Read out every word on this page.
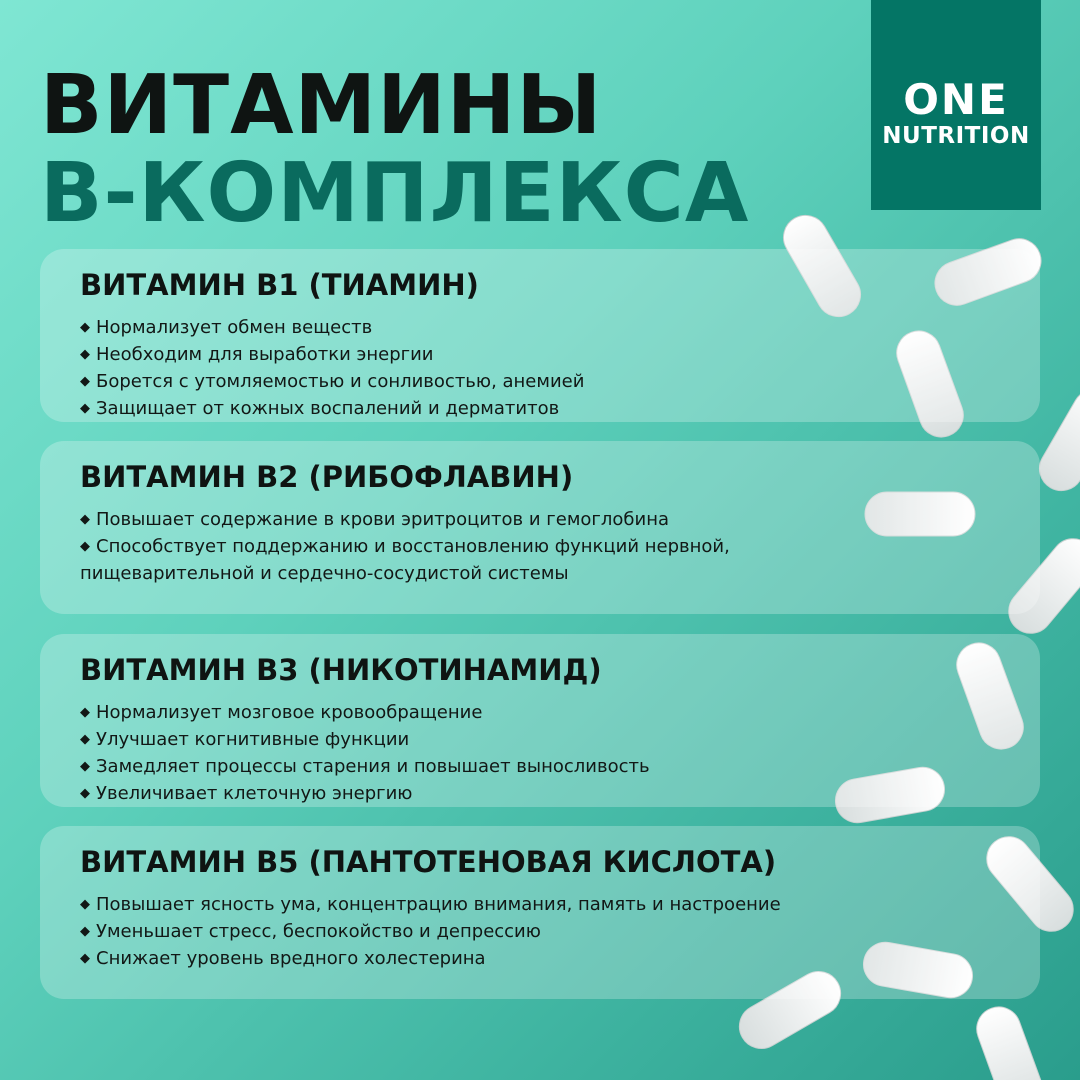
ВИТАМИНЫ
В-КОМПЛЕКСА
ONE
NUTRITION
ВИТАМИН В1 (ТИАМИН)

◆ Нормализует обмен веществ

◆ Необходим для выработки энергии

◆ Борется с утомляемостью и сонливостью, анемией

◆ Защищает от кожных воспалений и дерматитов

ВИТАМИН В2 (РИБОФЛАВИН)

◆ Повышает содержание в крови эритроцитов и гемоглобина

◆ Способствует поддержанию и восстановлению функций нервной,

пищеварительной и сердечно-сосудистой системы

ВИТАМИН В3 (НИКОТИНАМИД)

◆ Нормализует мозговое кровообращение

◆ Улучшает когнитивные функции

◆ Замедляет процессы старения и повышает выносливость

◆ Увеличивает клеточную энергию

ВИТАМИН В5 (ПАНТОТЕНОВАЯ КИСЛОТА)

◆ Повышает ясность ума, концентрацию внимания, память и настроение

◆ Уменьшает стресс, беспокойство и депрессию

◆ Снижает уровень вредного холестерина
